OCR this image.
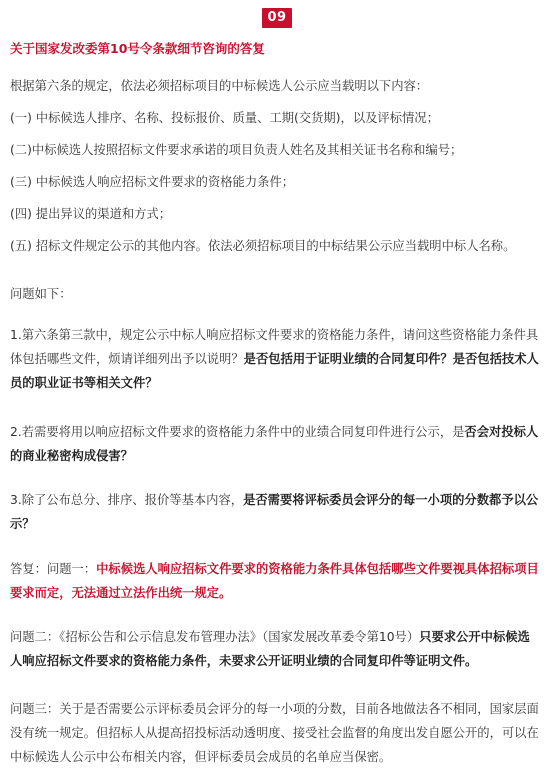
09
关于国家发改委第10号令条款细节咨询的答复
根据第六条的规定，依法必须招标项目的中标候选人公示应当载明以下内容：
(一) 中标候选人排序、名称、投标报价、质量、工期(交货期)，以及评标情况；
(二)中标候选人按照招标文件要求承诺的项目负责人姓名及其相关证书名称和编号；
(三) 中标候选人响应招标文件要求的资格能力条件；
(四) 提出异议的渠道和方式；
(五) 招标文件规定公示的其他内容。依法必须招标项目的中标结果公示应当载明中标人名称。
问题如下：
1.第六条第三款中，规定公示中标人响应招标文件要求的资格能力条件，请问这些资格能力条件具体包括哪些文件，烦请详细列出予以说明？是否包括用于证明业绩的合同复印件？是否包括技术人员的职业证书等相关文件？
2.若需要将用以响应招标文件要求的资格能力条件中的业绩合同复印件进行公示，是否会对投标人的商业秘密构成侵害？
3.除了公布总分、排序、报价等基本内容，是否需要将评标委员会评分的每一小项的分数都予以公示？
答复：问题一：中标候选人响应招标文件要求的资格能力条件具体包括哪些文件要视具体招标项目要求而定，无法通过立法作出统一规定。
问题二：《招标公告和公示信息发布管理办法》（国家发展改革委令第10号）只要求公开中标候选人响应招标文件要求的资格能力条件，未要求公开证明业绩的合同复印件等证明文件。
问题三：关于是否需要公示评标委员会评分的每一小项的分数，目前各地做法各不相同，国家层面没有统一规定。但招标人从提高招投标活动透明度、接受社会监督的角度出发自愿公开的，可以在中标候选人公示中公布相关内容，但评标委员会成员的名单应当保密。
